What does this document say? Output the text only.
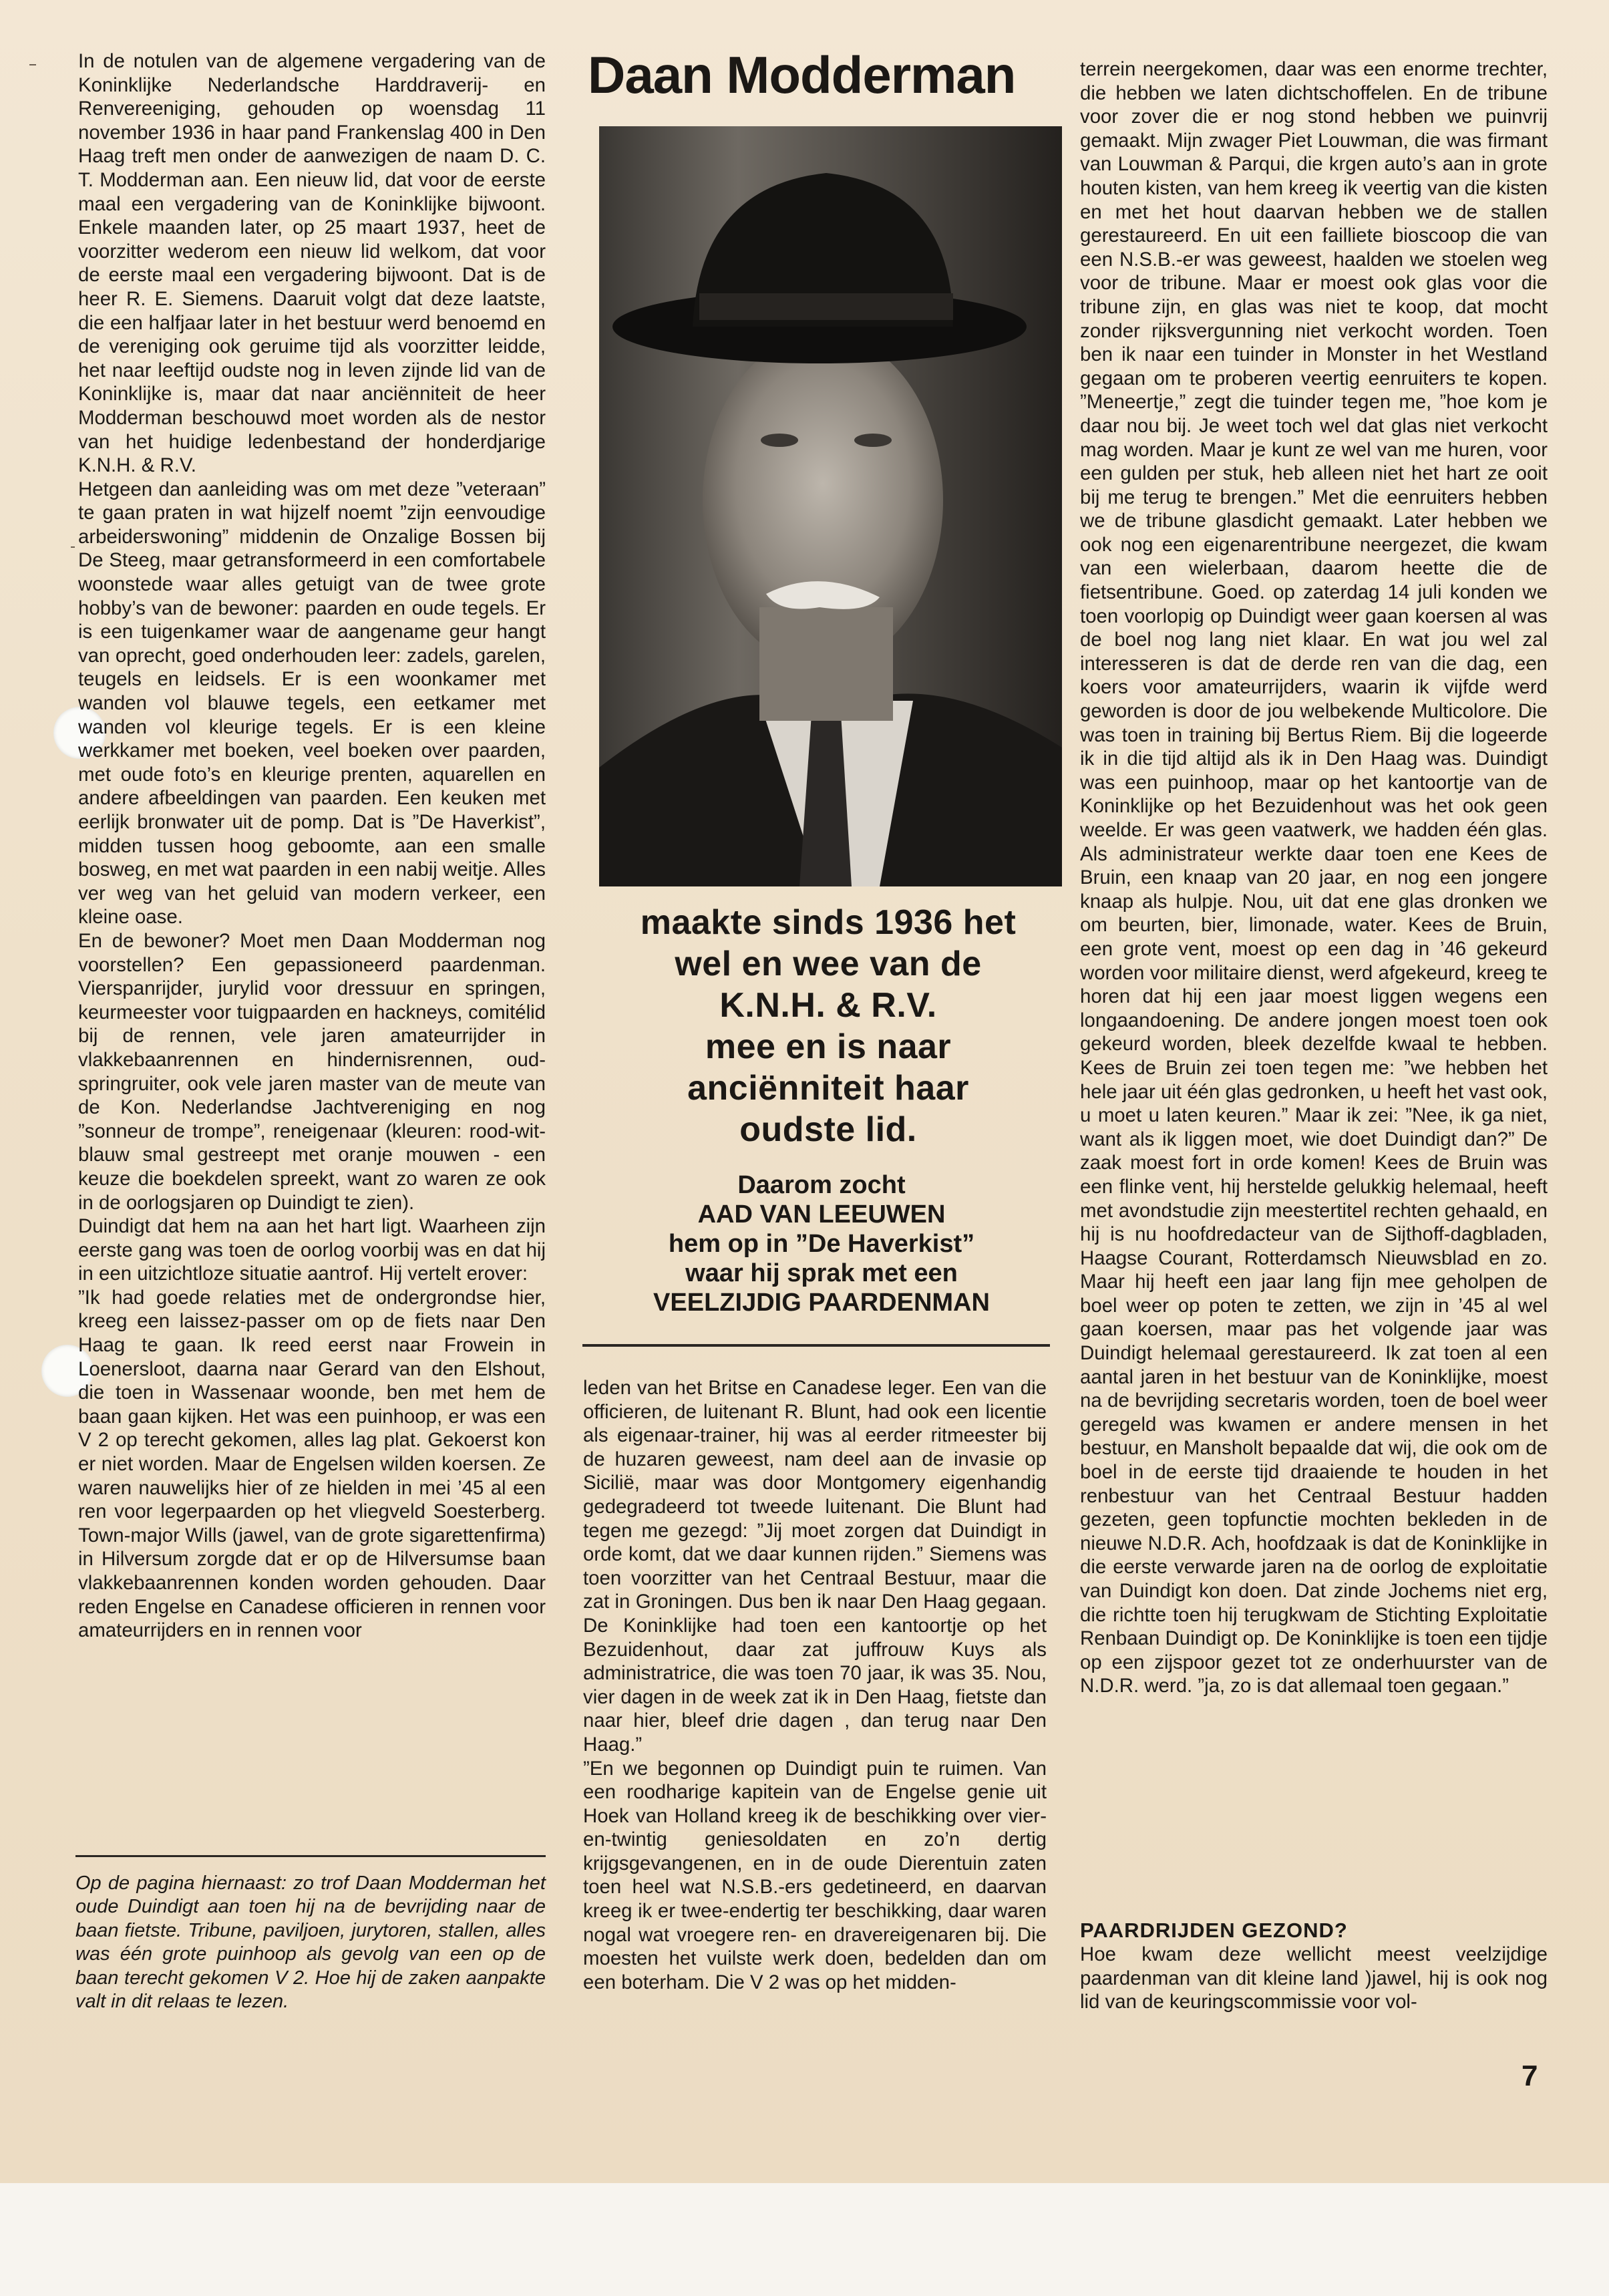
In de notulen van de algemene vergadering van de Koninklijke Nederlandsche Harddraverij- en Renvereeniging, gehouden op woensdag 11 november 1936 in haar pand Frankenslag 400 in Den Haag treft men onder de aanwezigen de naam D. C. T. Modderman aan. Een nieuw lid, dat voor de eerste maal een vergadering van de Koninklijke bijwoont. Enkele maanden later, op 25 maart 1937, heet de voorzitter wederom een nieuw lid welkom, dat voor de eerste maal een vergadering bijwoont. Dat is de heer R. E. Siemens. Daaruit volgt dat deze laatste, die een halfjaar later in het bestuur werd benoemd en de vereniging ook geruime tijd als voorzitter leidde, het naar leeftijd oudste nog in leven zijnde lid van de Koninklijke is, maar dat naar anciënniteit de heer Modderman beschouwd moet worden als de nestor van het huidige ledenbestand der honderdjarige K.N.H. & R.V.

Hetgeen dan aanleiding was om met deze ”veteraan” te gaan praten in wat hijzelf noemt ”zijn eenvoudige arbeiderswoning” middenin de Onzalige Bossen bij De Steeg, maar getransformeerd in een comfortabele woonstede waar alles getuigt van de twee grote hobby’s van de bewoner: paarden en oude tegels. Er is een tuigenkamer waar de aangename geur hangt van oprecht, goed onderhouden leer: zadels, garelen, teugels en leidsels. Er is een woonkamer met wanden vol blauwe tegels, een eetkamer met wanden vol kleurige tegels. Er is een kleine werkkamer met boeken, veel boeken over paarden, met oude foto’s en kleurige prenten, aquarellen en andere afbeeldingen van paarden. Een keuken met eerlijk bronwater uit de pomp. Dat is ”De Haverkist”, midden tussen hoog geboomte, aan een smalle bosweg, en met wat paarden in een nabij weitje. Alles ver weg van het geluid van modern verkeer, een kleine oase.

En de bewoner? Moet men Daan Modderman nog voorstellen? Een gepassioneerd paardenman. Vierspanrijder, jurylid voor dressuur en springen, keurmeester voor tuigpaarden en hackneys, comitélid bij de rennen, vele jaren amateurrijder in vlakkebaanrennen en hindernisrennen, oud-springruiter, ook vele jaren master van de meute van de Kon. Nederlandse Jachtvereniging en nog ”sonneur de trompe”, reneigenaar (kleuren: rood-wit-blauw smal gestreept met oranje mouwen - een keuze die boekdelen spreekt, want zo waren ze ook in de oorlogsjaren op Duindigt te zien).

Duindigt dat hem na aan het hart ligt. Waarheen zijn eerste gang was toen de oorlog voorbij was en dat hij in een uitzichtloze situatie aantrof. Hij vertelt erover:

”Ik had goede relaties met de ondergrondse hier, kreeg een laissez-passer om op de fiets naar Den Haag te gaan. Ik reed eerst naar Frowein in Loenersloot, daarna naar Gerard van den Elshout, die toen in Wassenaar woonde, ben met hem de baan gaan kijken. Het was een puinhoop, er was een V 2 op terecht gekomen, alles lag plat. Gekoerst kon er niet worden. Maar de Engelsen wilden koersen. Ze waren nauwelijks hier of ze hielden in mei ’45 al een ren voor legerpaarden op het vliegveld Soesterberg. Town-major Wills (jawel, van de grote sigarettenfirma) in Hilversum zorgde dat er op de Hilversumse baan vlakkebaanrennen konden worden gehouden. Daar reden Engelse en Canadese officieren in rennen voor amateurrijders en in rennen voor

Op de pagina hiernaast: zo trof Daan Modderman het oude Duindigt aan toen hij na de bevrijding naar de baan fietste. Tribune, paviljoen, jurytoren, stallen, alles was één grote puinhoop als gevolg van een op de baan terecht gekomen V 2. Hoe hij de zaken aanpakte valt in dit relaas te lezen.
Daan Modderman
maakte sinds 1936 het
wel en wee van de
K.N.H. & R.V.
mee en is naar
anciënniteit haar
oudste lid.
Daarom zocht
AAD VAN LEEUWEN
hem op in ”De Haverkist”
waar hij sprak met een
VEELZIJDIG PAARDENMAN

leden van het Britse en Canadese leger. Een van die officieren, de luitenant R. Blunt, had ook een licentie als eigenaar-trainer, hij was al eerder ritmeester bij de huzaren geweest, nam deel aan de invasie op Sicilië, maar was door Montgomery eigenhandig gedegradeerd tot tweede luitenant. Die Blunt had tegen me gezegd: ”Jij moet zorgen dat Duindigt in orde komt, dat we daar kunnen rijden.” Siemens was toen voorzitter van het Centraal Bestuur, maar die zat in Groningen. Dus ben ik naar Den Haag gegaan. De Koninklijke had toen een kantoortje op het Bezuidenhout, daar zat juffrouw Kuys als administratrice, die was toen 70 jaar, ik was 35. Nou, vier dagen in de week zat ik in Den Haag, fietste dan naar hier, bleef drie dagen , dan terug naar Den Haag.”

”En we begonnen op Duindigt puin te ruimen. Van een roodharige kapitein van de Engelse genie uit Hoek van Holland kreeg ik de beschikking over vier-en-twintig geniesoldaten en zo’n dertig krijgsgevangenen, en in de oude Dierentuin zaten toen heel wat N.S.B.-ers gedetineerd, en daarvan kreeg ik er twee-endertig ter beschikking, daar waren nogal wat vroegere ren- en dravereigenaren bij. Die moesten het vuilste werk doen, bedelden dan om een boterham. Die V 2 was op het midden-

terrein neergekomen, daar was een enorme trechter, die hebben we laten dichtschoffelen. En de tribune voor zover die er nog stond hebben we puinvrij gemaakt. Mijn zwager Piet Louwman, die was firmant van Louwman & Parqui, die krgen auto’s aan in grote houten kisten, van hem kreeg ik veertig van die kisten en met het hout daarvan hebben we de stallen gerestaureerd. En uit een failliete bioscoop die van een N.S.B.-er was geweest, haalden we stoelen weg voor de tribune. Maar er moest ook glas voor die tribune zijn, en glas was niet te koop, dat mocht zonder rijksvergunning niet verkocht worden. Toen ben ik naar een tuinder in Monster in het Westland gegaan om te proberen veertig eenruiters te kopen. ”Meneertje,” zegt die tuinder tegen me, ”hoe kom je daar nou bij. Je weet toch wel dat glas niet verkocht mag worden. Maar je kunt ze wel van me huren, voor een gulden per stuk, heb alleen niet het hart ze ooit bij me terug te brengen.” Met die eenruiters hebben we de tribune glasdicht gemaakt. Later hebben we ook nog een eigenarentribune neergezet, die kwam van een wielerbaan, daarom heette die de fietsentribune. Goed. op zaterdag 14 juli konden we toen voorlopig op Duindigt weer gaan koersen al was de boel nog lang niet klaar. En wat jou wel zal interesseren is dat de derde ren van die dag, een koers voor amateurrijders, waarin ik vijfde werd geworden is door de jou welbekende Multicolore. Die was toen in training bij Bertus Riem. Bij die logeerde ik in die tijd altijd als ik in Den Haag was. Duindigt was een puinhoop, maar op het kantoortje van de Koninklijke op het Bezuidenhout was het ook geen weelde. Er was geen vaatwerk, we hadden één glas. Als administrateur werkte daar toen ene Kees de Bruin, een knaap van 20 jaar, en nog een jongere knaap als hulpje. Nou, uit dat ene glas dronken we om beurten, bier, limonade, water. Kees de Bruin, een grote vent, moest op een dag in ’46 gekeurd worden voor militaire dienst, werd afgekeurd, kreeg te horen dat hij een jaar moest liggen wegens een longaandoening. De andere jongen moest toen ook gekeurd worden, bleek dezelfde kwaal te hebben. Kees de Bruin zei toen tegen me: ”we hebben het hele jaar uit één glas gedronken, u heeft het vast ook, u moet u laten keuren.” Maar ik zei: ”Nee, ik ga niet, want als ik liggen moet, wie doet Duindigt dan?” De zaak moest fort in orde komen! Kees de Bruin was een flinke vent, hij herstelde gelukkig helemaal, heeft met avondstudie zijn meestertitel rechten gehaald, en hij is nu hoofdredacteur van de Sijthoff-dagbladen, Haagse Courant, Rotterdamsch Nieuwsblad en zo. Maar hij heeft een jaar lang fijn mee geholpen de boel weer op poten te zetten, we zijn in ’45 al wel gaan koersen, maar pas het volgende jaar was Duindigt helemaal gerestaureerd. Ik zat toen al een aantal jaren in het bestuur van de Koninklijke, moest na de bevrijding secretaris worden, toen de boel weer geregeld was kwamen er andere mensen in het bestuur, en Mansholt bepaalde dat wij, die ook om de boel in de eerste tijd draaiende te houden in het renbestuur van het Centraal Bestuur hadden gezeten, geen topfunctie mochten bekleden in de nieuwe N.D.R. Ach, hoofdzaak is dat de Koninklijke in die eerste verwarde jaren na de oorlog de exploitatie van Duindigt kon doen. Dat zinde Jochems niet erg, die richtte toen hij terugkwam de Stichting Exploitatie Renbaan Duindigt op. De Koninklijke is toen een tijdje op een zijspoor gezet tot ze onderhuurster van de N.D.R. werd. ”ja, zo is dat allemaal toen gegaan.”

PAARDRIJDEN GEZOND?
Hoe kwam deze wellicht meest veelzijdige paardenman van dit kleine land )jawel, hij is ook nog lid van de keuringscommissie voor vol-
7
